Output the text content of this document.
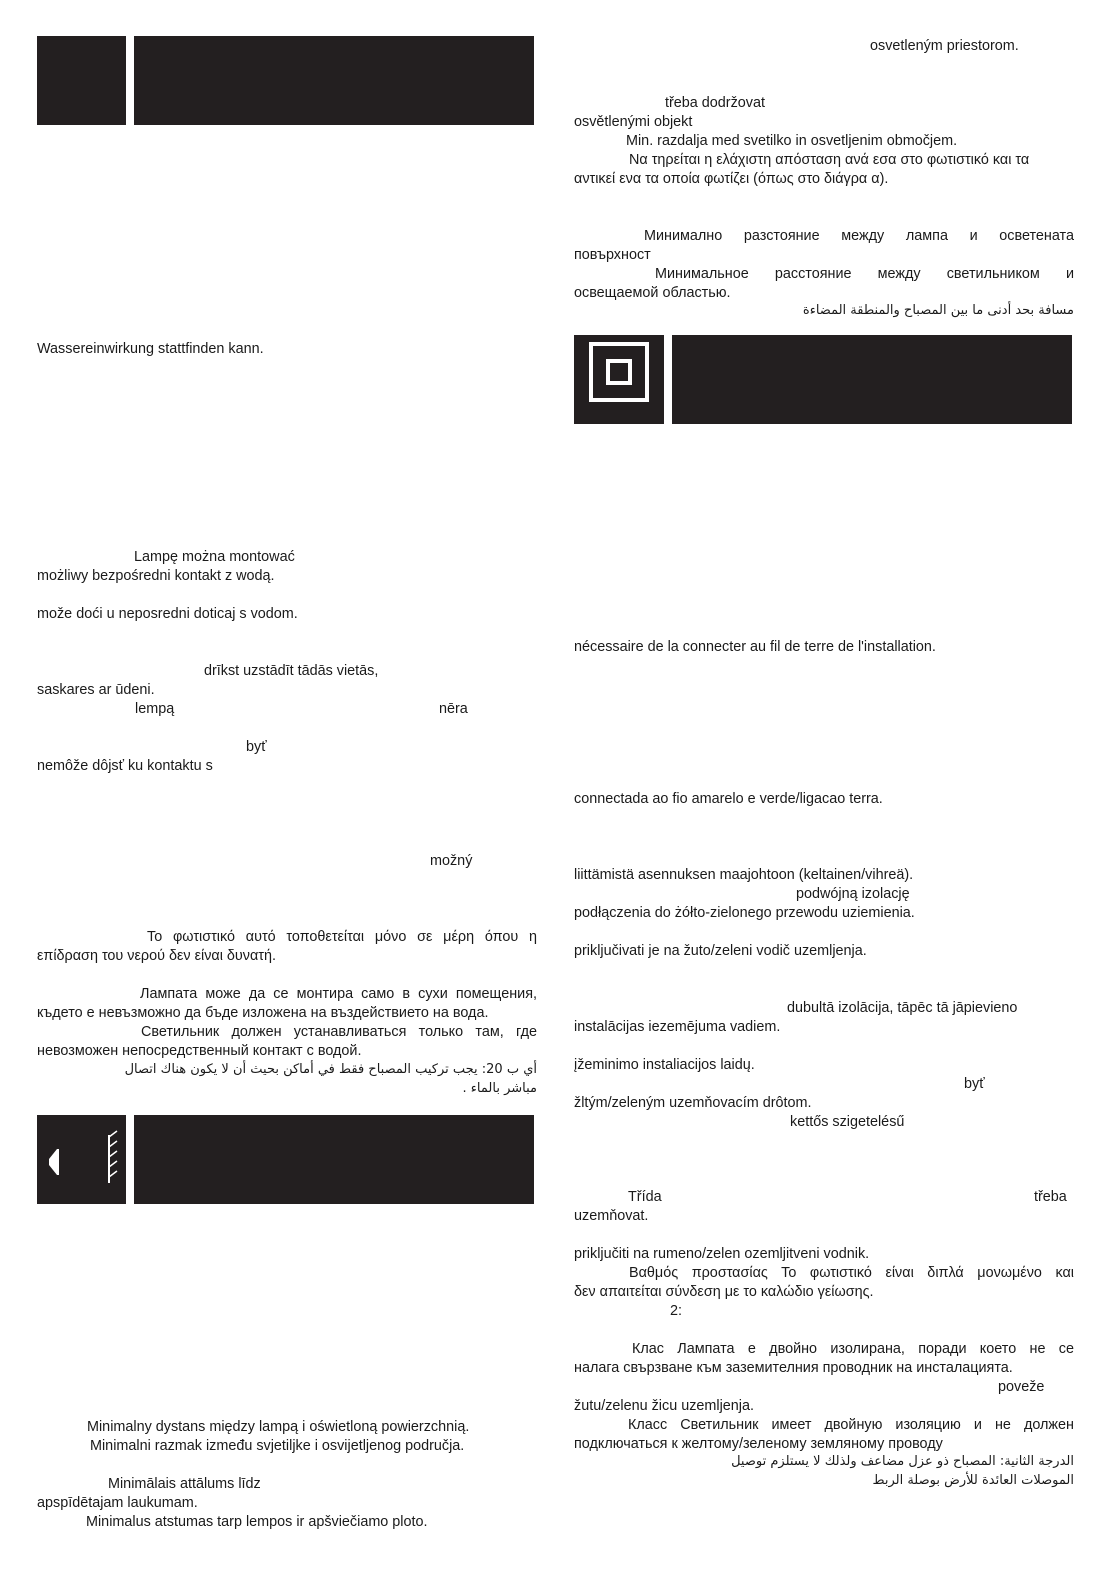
Wassereinwirkung stattfinden kann.
Lampę można montować
możliwy bezpośredni kontakt z wodą.
može doći u neposredni doticaj s vodom.
drīkst uzstādīt tādās vietās,
saskares ar ūdeni.
lempą	nēra
byť
nemôže dôjsť ku kontaktu s
možný
Το φωτιστικό αυτό τοποθετείται μόνο σε μέρη όπου η
επίδραση του νερού δεν είναι δυνατή.
Лампата може да се монтира само в сухи помещения,
където е невъзможно да бъде изложена на въздействието на вода.
Светильник должен устанавливаться только там, где
невозможен непосредственный контакт с водой.
أي ب 20: يجب تركيب المصباح فقط في أماكن بحيث أن لا يكون هناك اتصال
مباشر بالماء .
Minimalny dystans między lampą i oświetloną powierzchnią.
Minimalni razmak između svjetiljke i osvijetljenog područja.
Minimālais attālums līdz
apspīdētajam laukumam.
Minimalus atstumas tarp lempos ir apšviečiamo ploto.
osvetleným priestorom.
třeba dodržovat
osvětlenými objekt
Min. razdalja med svetilko in osvetljenim območjem.
Να τηρείται η ελάχιστη απόσταση ανά εσα στο φωτιστικό και τα
αντικεί ενα τα οποία φωτίζει (όπως στο διάγρα α).
Минимално разстояние между лампа и осветената
повърхност
Минимальное расстояние между светильником и
освещаемой областью.
مسافة بحد أدنى ما بين المصباح والمنطقة المضاءة
nécessaire de la connecter au fil de terre de l'installation.
connectada ao fio amarelo e verde/ligacao terra.
liittämistä asennuksen maajohtoon (keltainen/vihreä).
podwójną izolację
podłączenia do żółto-zielonego przewodu uziemienia.
priključivati je na žuto/zeleni vodič uzemljenja.
dubultā izolācija, tāpēc tā jāpievieno
instalācijas iezemējuma vadiem.
įžeminimo instaliacijos laidų.
byť
žltým/zeleným uzemňovacím drôtom.
kettős szigetelésű
Třída	třeba
uzemňovat.
priključiti na rumeno/zelen ozemljitveni vodnik.
Βαθμός προστασίας Το φωτιστικό είναι διπλά μονωμένο και
δεν απαιτείται σύνδεση με το καλώδιο γείωσης.
2:
Клас Лампата е двойно изолирана, поради което не се
налага свързване към заземителния проводник на инсталацията.
povеže
žutu/zelenu žicu uzemljenja.
Класс Светильник имеет двойную изоляцию и не должен
подключаться к желтому/зеленому земляному проводу
الدرجة الثانية: المصباح ذو عزل مضاعف ولذلك لا يستلزم توصيل
الموصلات العائدة للأرض بوصلة الربط
